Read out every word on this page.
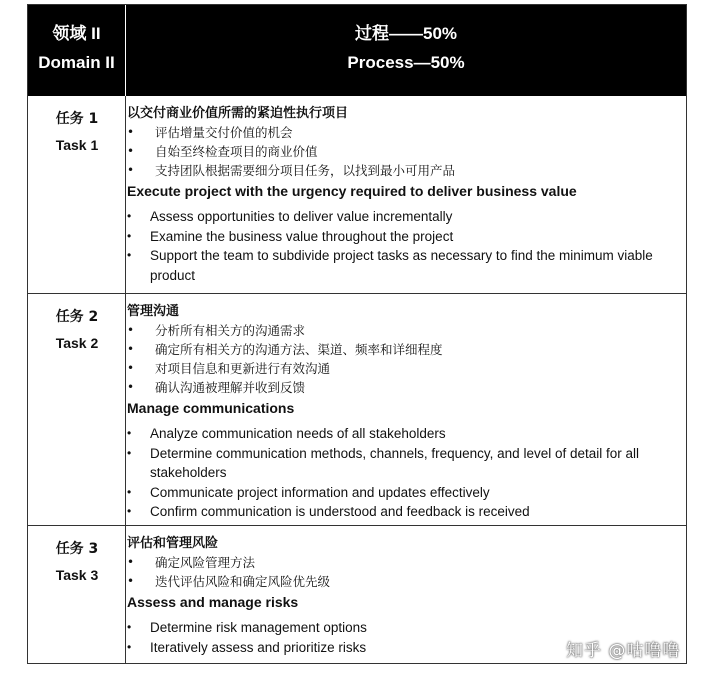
领域 II
Domain II
过程——50%
Process—50%
任务 1
Task 1

以交付商业价值所需的紧迫性执行项目

• 评估增量交付价值的机会
• 自始至终检查项目的商业价值
• 支持团队根据需要细分项目任务，以找到最小可用产品

Execute project with the urgency required to deliver business value

• Assess opportunities to deliver value incrementally
• Examine the business value throughout the project
• Support the team to subdivide project tasks as necessary to find the minimum viable product
任务 2
Task 2

管理沟通

• 分析所有相关方的沟通需求
• 确定所有相关方的沟通方法、渠道、频率和详细程度
• 对项目信息和更新进行有效沟通
• 确认沟通被理解并收到反馈

Manage communications

• Analyze communication needs of all stakeholders
• Determine communication methods, channels, frequency, and level of detail for all stakeholders
• Communicate project information and updates effectively
• Confirm communication is understood and feedback is received
任务 3
Task 3

评估和管理风险

• 确定风险管理方法
• 迭代评估风险和确定风险优先级

Assess and manage risks

• Determine risk management options
• Iteratively assess and prioritize risks	知乎 @咕噜噜
